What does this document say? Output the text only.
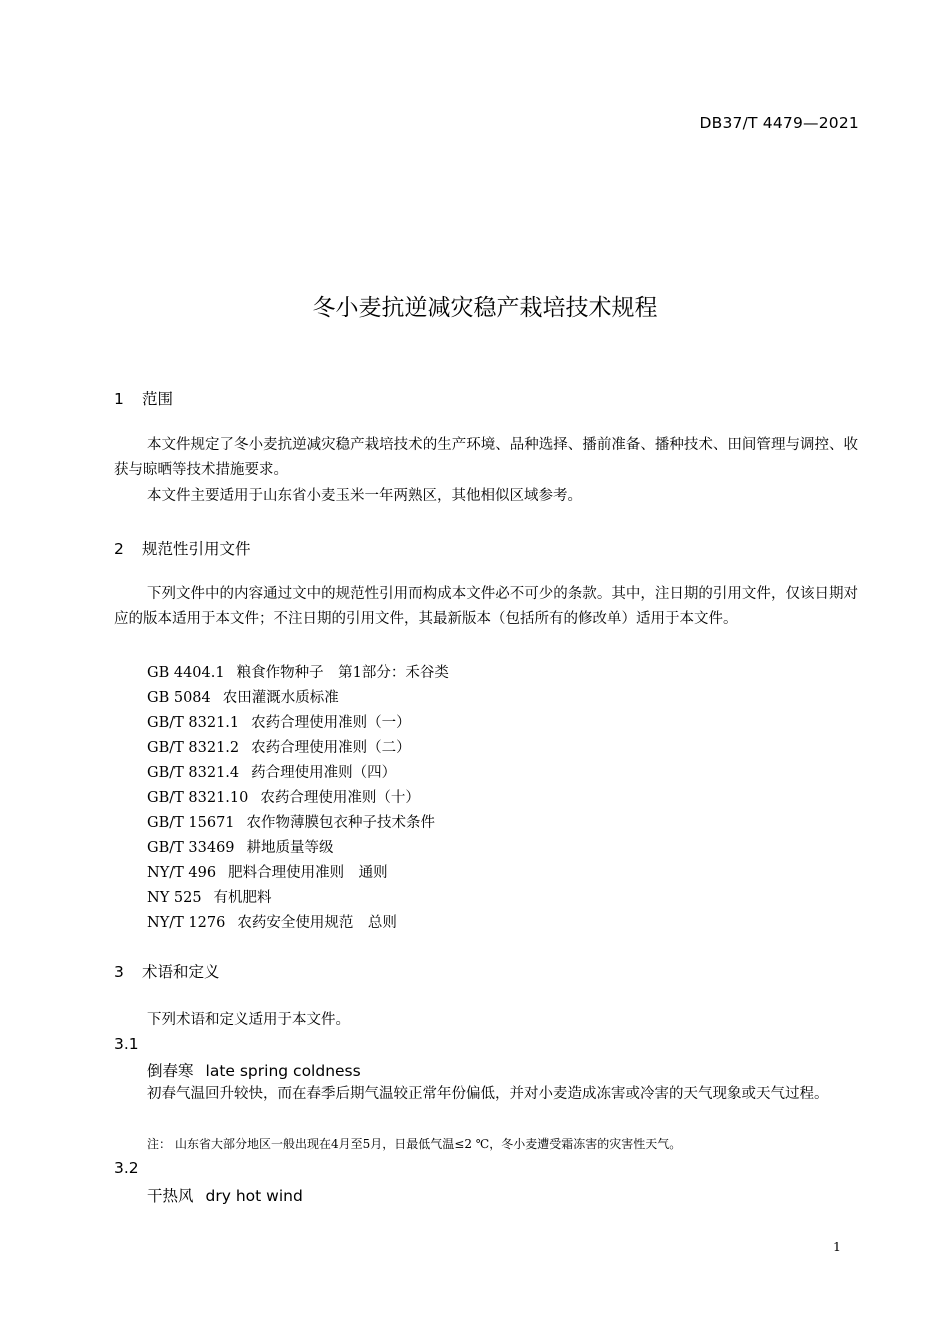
DB37/T 4479—2021
冬小麦抗逆减灾稳产栽培技术规程
1 范围

本文件规定了冬小麦抗逆减灾稳产栽培技术的生产环境、品种选择、播前准备、播种技术、田间管理与调控、收获与晾晒等技术措施要求。

本文件主要适用于山东省小麦玉米一年两熟区，其他相似区域参考。

2 规范性引用文件

下列文件中的内容通过文中的规范性引用而构成本文件必不可少的条款。其中，注日期的引用文件，仅该日期对应的版本适用于本文件；不注日期的引用文件，其最新版本（包括所有的修改单）适用于本文件。

GB 4404.1 粮食作物种子　第1部分：禾谷类
GB 5084 农田灌溉水质标准
GB/T 8321.1 农药合理使用准则（一）
GB/T 8321.2 农药合理使用准则（二）
GB/T 8321.4 药合理使用准则（四）
GB/T 8321.10 农药合理使用准则（十）
GB/T 15671 农作物薄膜包衣种子技术条件
GB/T 33469 耕地质量等级
NY/T 496 肥料合理使用准则　通则
NY 525 有机肥料
NY/T 1276 农药安全使用规范　总则
3 术语和定义

下列术语和定义适用于本文件。

3.1
倒春寒 late spring coldness

初春气温回升较快，而在春季后期气温较正常年份偏低，并对小麦造成冻害或冷害的天气现象或天气过程。

注： 山东省大部分地区一般出现在4月至5月，日最低气温≤2 ℃，冬小麦遭受霜冻害的灾害性天气。
3.2
干热风 dry hot wind
1
